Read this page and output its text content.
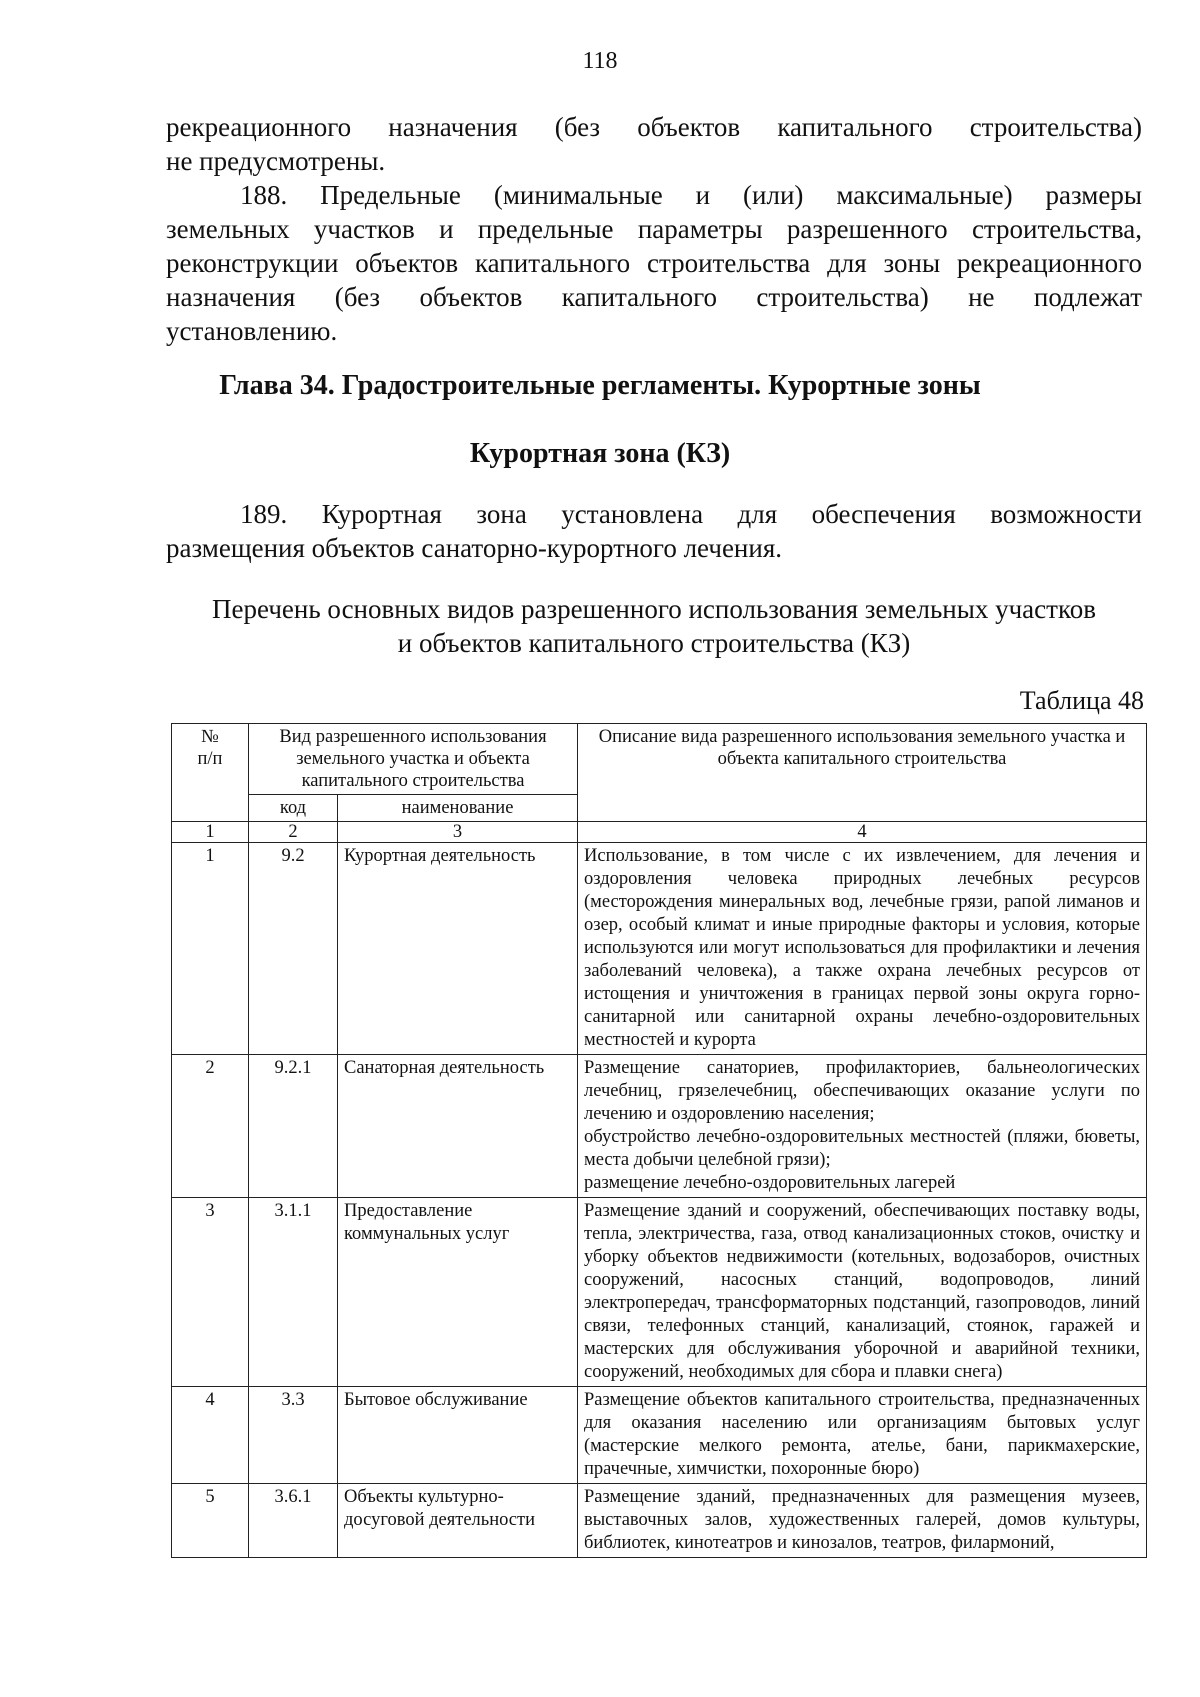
118

рекреационного назначения (без объектов капитального строительства)
не предусмотрены.

188. Предельные (минимальные и (или) максимальные) размеры
земельных участков и предельные параметры разрешенного строительства,
реконструкции объектов капитального строительства для зоны рекреационного
назначения (без объектов капитального строительства) не подлежат
установлению.

Глава 34. Градостроительные регламенты. Курортные зоны
Курортная зона (КЗ)

189. Курортная зона установлена для обеспечения возможности
размещения объектов санаторно-курортного лечения.

Перечень основных видов разрешенного использования земельных участков
и объектов капитального строительства (КЗ)

Таблица 48
№ п/п	Вид разрешенного использования земельного участка и объекта капитального строительства		Описание вида разрешенного использования земельного участка и объекта капитального строительства
	код	наименование	
1	2	3	4
1	9.2	Курортная деятельность	Использование, в том числе с их извлечением, для лечения и оздоровления человека природных лечебных ресурсов (месторождения минеральных вод, лечебные грязи, рапой лиманов и озер, особый климат и иные природные факторы и условия, которые используются или могут использоваться для профилактики и лечения заболеваний человека), а также охрана лечебных ресурсов от истощения и уничтожения в границах первой зоны округа горно-санитарной или санитарной охраны лечебно-оздоровительных местностей и курорта
2	9.2.1	Санаторная деятельность	Размещение санаториев, профилакториев, бальнеологических лечебниц, грязелечебниц, обеспечивающих оказание услуги по лечению и оздоровлению населения;
обустройство лечебно-оздоровительных местностей (пляжи, бюветы, места добычи целебной грязи);
размещение лечебно-оздоровительных лагерей

3	3.1.1	Предоставление коммунальных услуг	Размещение зданий и сооружений, обеспечивающих поставку воды, тепла, электричества, газа, отвод канализационных стоков, очистку и уборку объектов недвижимости (котельных, водозаборов, очистных сооружений, насосных станций, водопроводов, линий электропередач, трансформаторных подстанций, газопроводов, линий связи, телефонных станций, канализаций, стоянок, гаражей и мастерских для обслуживания уборочной и аварийной техники, сооружений, необходимых для сбора и плавки снега)
4	3.3	Бытовое обслуживание	Размещение объектов капитального строительства, предназначенных для оказания населению или организациям бытовых услуг (мастерские мелкого ремонта, ателье, бани, парикмахерские, прачечные, химчистки, похоронные бюро)
5	3.6.1	Объекты культурно-досуговой деятельности	Размещение зданий, предназначенных для размещения музеев, выставочных залов, художественных галерей, домов культуры, библиотек, кинотеатров и кинозалов, театров, филармоний,
